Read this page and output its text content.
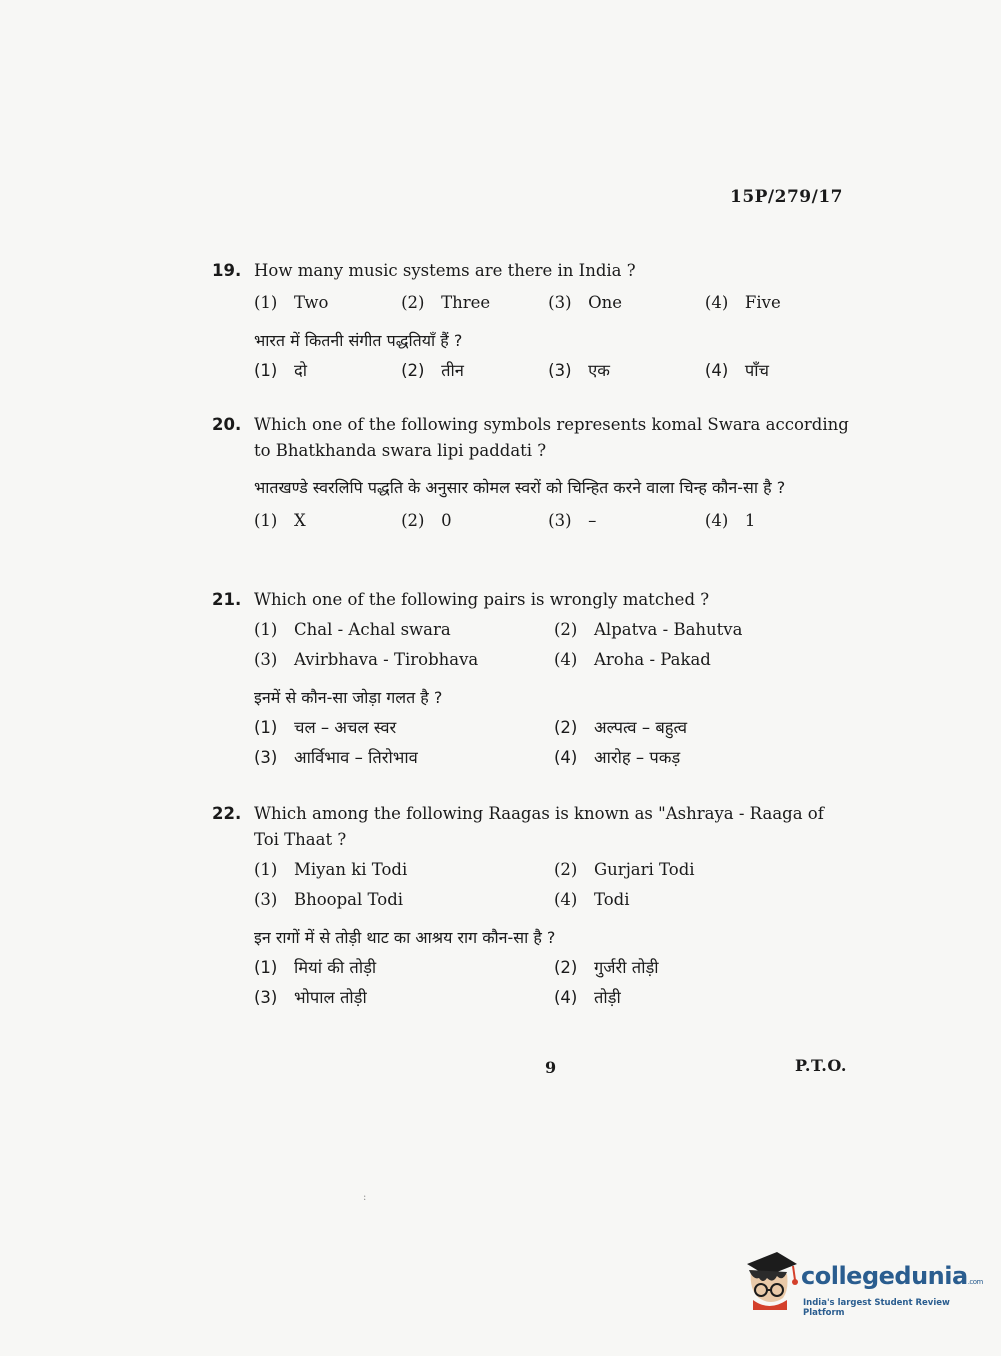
15P/279/17
19. How many music systems are there in India ?
(1)	Two	(2)	Three	(3)	One	(4)	Five
भारत में कितनी संगीत पद्धतियाँ हैं ?
(1)	दो	(2)	तीन	(3)	एक	(4)	पाँच
20. Which one of the following symbols represents komal Swara according to Bhatkhanda swara lipi paddati ?
भातखण्डे स्वरलिपि पद्धति के अनुसार कोमल स्वरों को चिन्हित करने वाला चिन्ह कौन-सा है ?
(1)	X	(2)	0	(3)	–	(4)	1
21. Which one of the following pairs is wrongly matched ?
(1) Chal - Achal swara	(2) Alpatva - Bahutva
(3) Avirbhava - Tirobhava	(4) Aroha - Pakad
इनमें से कौन-सा जोड़ा गलत है ?
(1) चल – अचल स्वर	(2) अल्पत्व – बहुत्व
(3) आर्विभाव – तिरोभाव	(4) आरोह – पकड़
22. Which among the following Raagas is known as "Ashraya - Raaga of Toi Thaat ?
(1) Miyan ki Todi	(2) Gurjari Todi
(3) Bhoopal Todi	(4) Todi
इन रागों में से तोड़ी थाट का आश्रय राग कौन-सा है ?
(1) मियां की तोड़ी	(2) गुर्जरी तोड़ी
(3) भोपाल तोड़ी	(4) तोड़ी
9	P.T.O.
:
collegedunia.com
India's largest Student Review Platform
